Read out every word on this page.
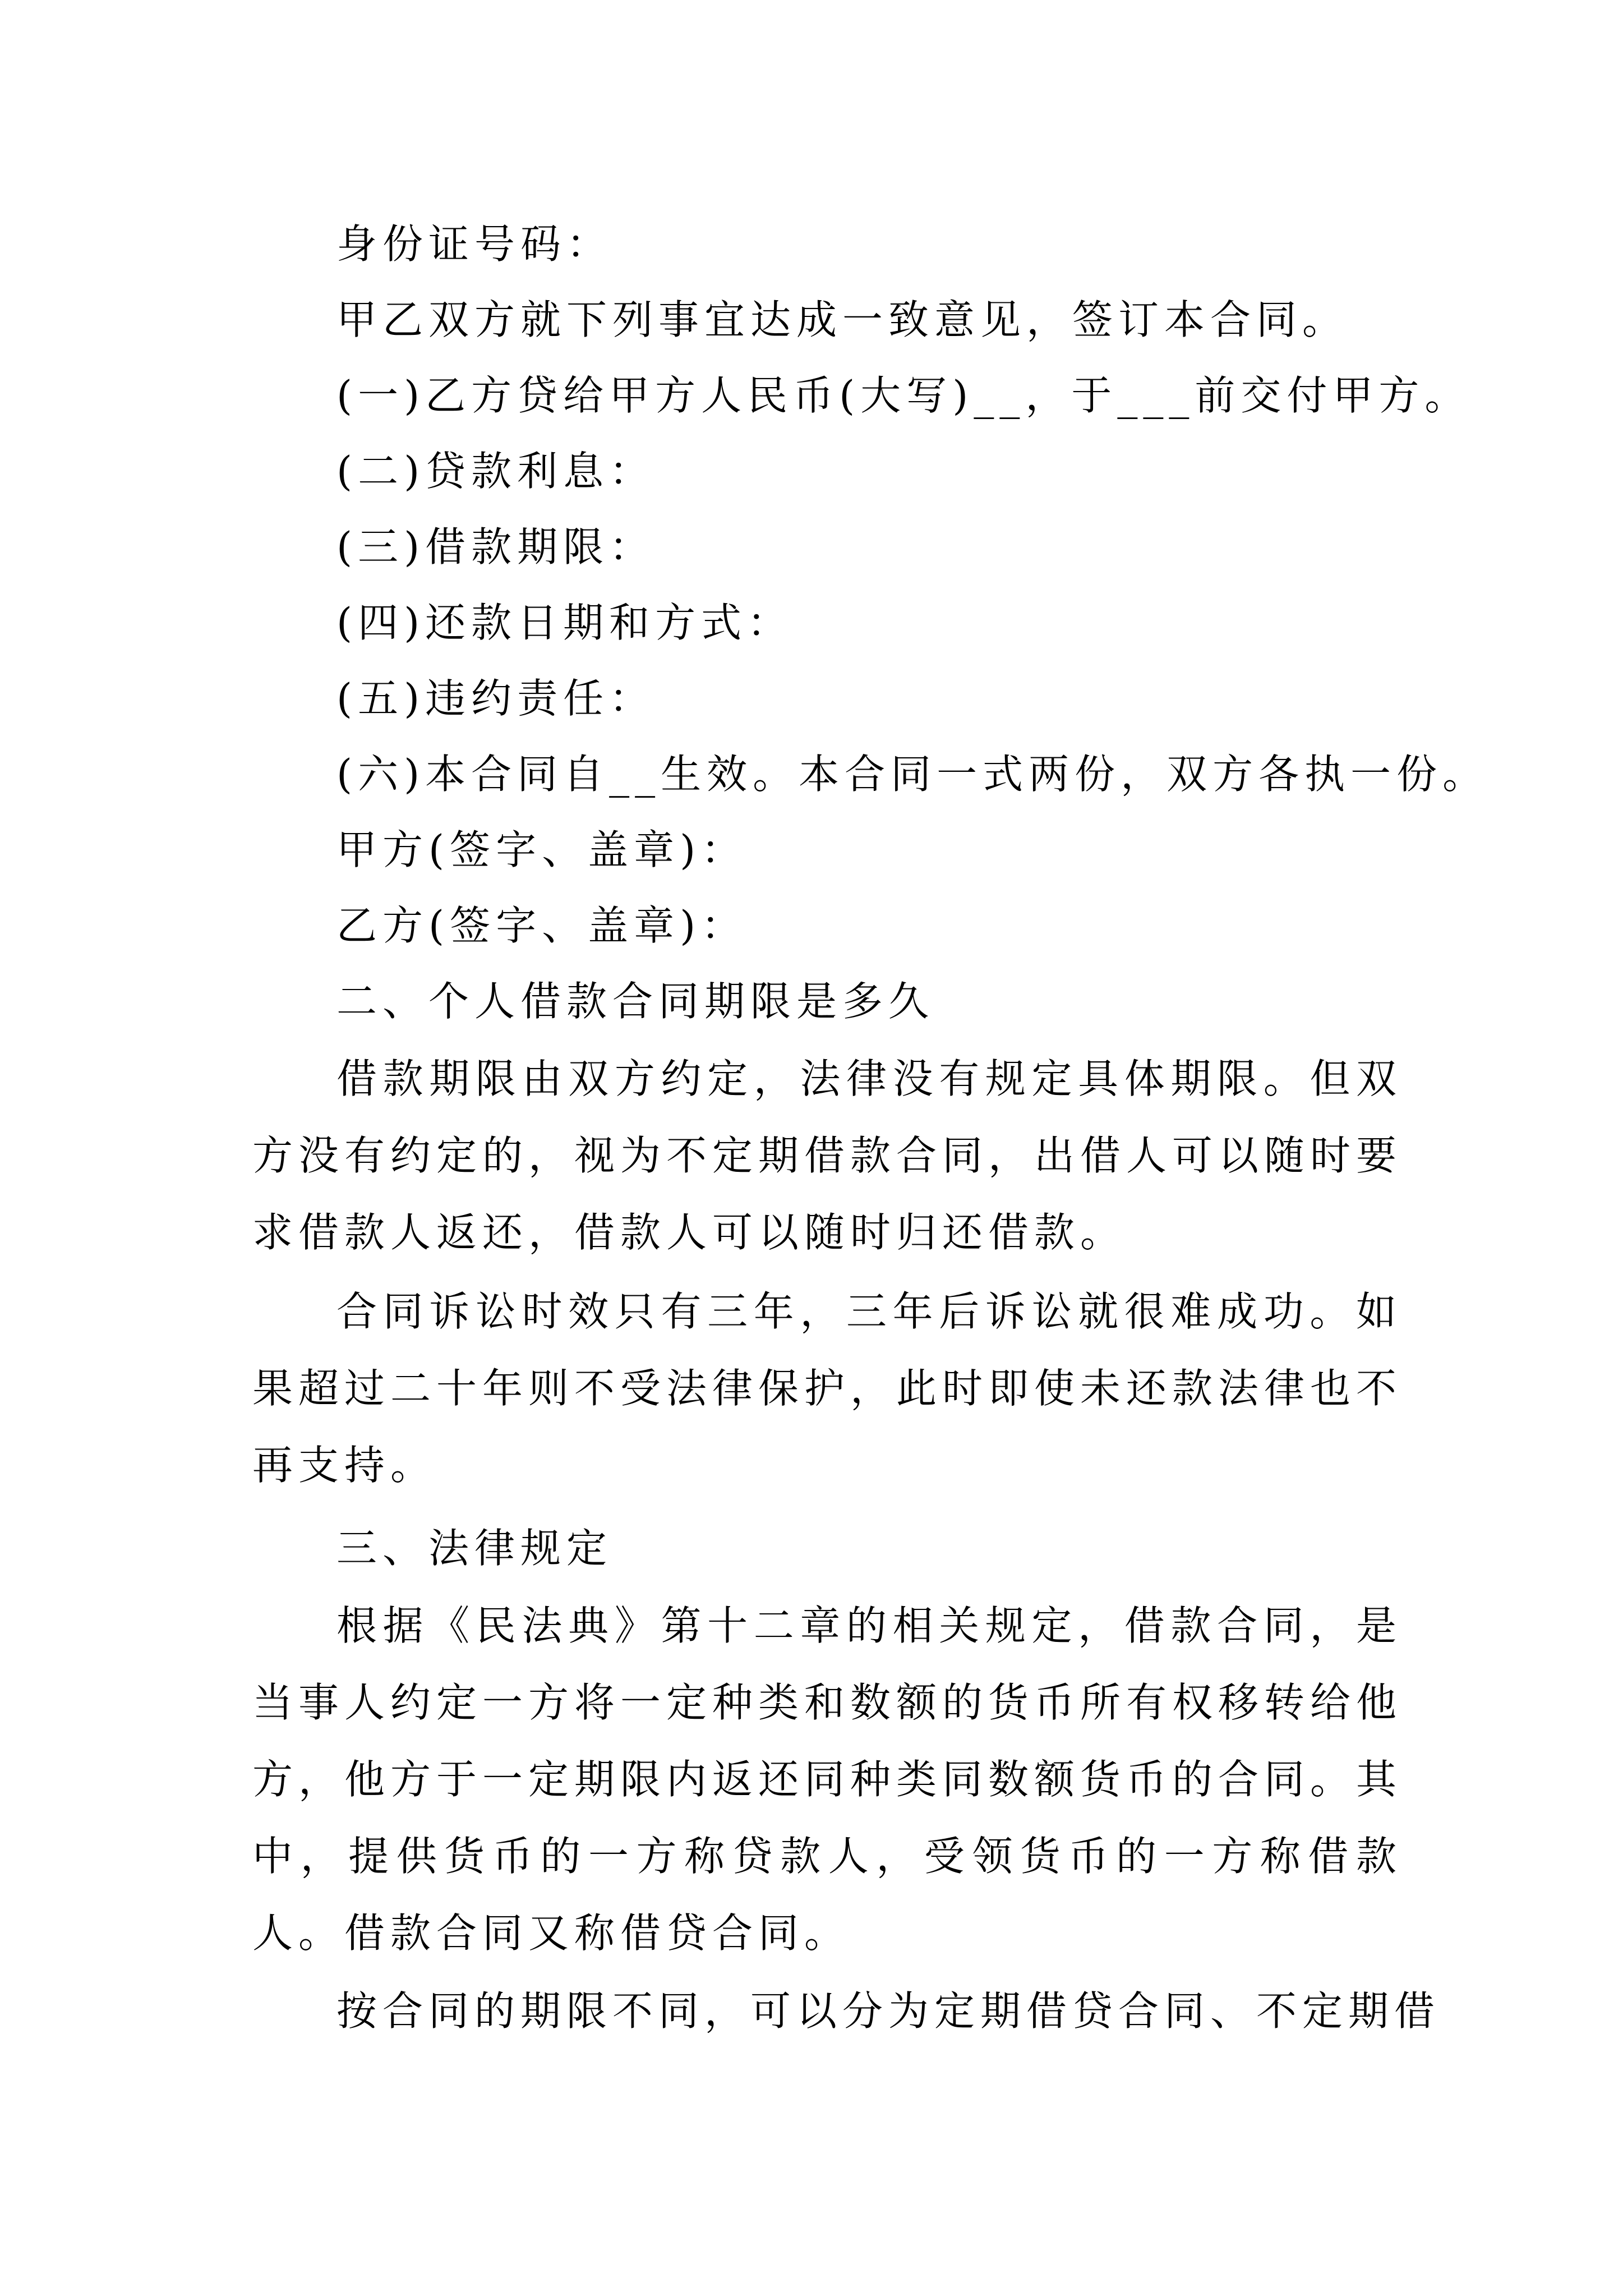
身份证号码：
甲乙双方就下列事宜达成一致意见，签订本合同。
(一)乙方贷给甲方人民币(大写)__，于___前交付甲方。
(二)贷款利息：
(三)借款期限：
(四)还款日期和方式：
(五)违约责任：
(六)本合同自__生效。本合同一式两份，双方各执一份。
甲方(签字、盖章)：
乙方(签字、盖章)：
二、个人借款合同期限是多久
借款期限由双方约定，法律没有规定具体期限。但双方没有约定的，视为不定期借款合同，出借人可以随时要求借款人返还，借款人可以随时归还借款。
合同诉讼时效只有三年，三年后诉讼就很难成功。如果超过二十年则不受法律保护，此时即使未还款法律也不再支持。
三、法律规定
根据《民法典》第十二章的相关规定，借款合同，是当事人约定一方将一定种类和数额的货币所有权移转给他方，他方于一定期限内返还同种类同数额货币的合同。其中，提供货币的一方称贷款人，受领货币的一方称借款人。借款合同又称借贷合同。
按合同的期限不同，可以分为定期借贷合同、不定期借
